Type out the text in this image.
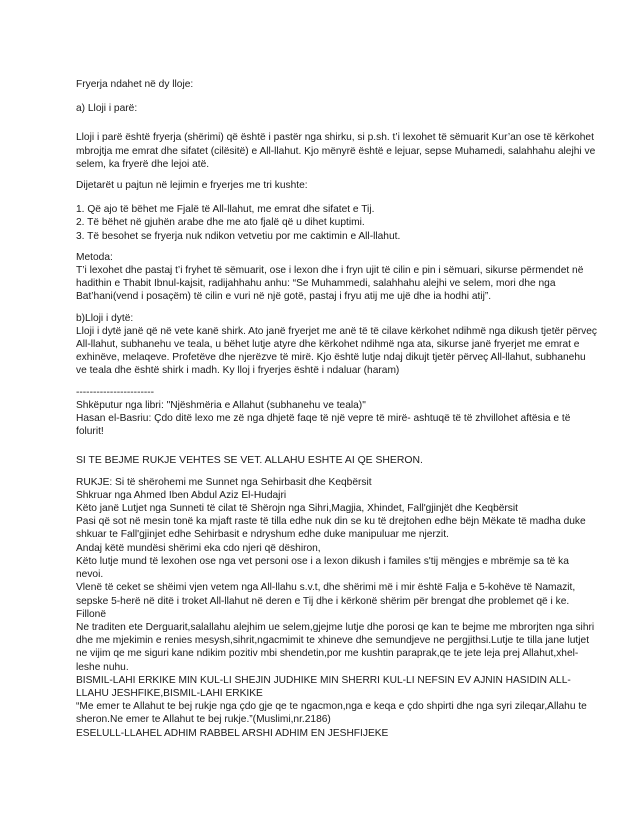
Fryerja ndahet në dy lloje:

a) Lloji i parë:

Lloji i parë është fryerja (shërimi) që është i pastër nga shirku, si p.sh. t’i lexohet të sëmuarit Kur’an ose të kërkohet mbrojtja me emrat dhe sifatet (cilësitë) e All-llahut. Kjo mënyrë është e lejuar, sepse Muhamedi, salahhahu alejhi ve selem, ka fryerë dhe lejoi atë.

Dijetarët u pajtun në lejimin e fryerjes me tri kushte:

1. Që ajo të bëhet me Fjalë të All-llahut, me emrat dhe sifatet e Tij.
2. Të bëhet në gjuhën arabe dhe me ato fjalë që u dihet kuptimi.
3. Të besohet se fryerja nuk ndikon vetvetiu por me caktimin e All-llahut.

Metoda:

T’i lexohet dhe pastaj t’i fryhet të sëmuarit, ose i lexon dhe i fryn ujit të cilin e pin i sëmuari, sikurse përmendet në hadithin e Thabit Ibnul-kajsit, radijahhahu anhu: “Se Muhammedi, salahhahu alejhi ve selem, mori dhe nga Bat’hani(vend i posaçëm) të cilin e vuri në një gotë, pastaj i fryu atij me ujë dhe ia hodhi atij”.

b)Lloji i dytë:

Lloji i dytë janë që në vete kanë shirk. Ato janë fryerjet me anë të të cilave kërkohet ndihmë nga dikush tjetër përveç All-llahut, subhanehu ve teala, u bëhet lutje atyre dhe kërkohet ndihmë nga ata, sikurse janë fryerjet me emrat e exhinëve, melaqeve. Profetëve dhe njerëzve të mirë. Kjo është lutje ndaj dikujt tjetër përveç All-llahut, subhanehu ve teala dhe është shirk i madh. Ky lloj i fryerjes është i ndaluar (haram)

-----------------------

Shkëputur nga libri: "Njëshmëria e Allahut (subhanehu ve teala)"

Hasan el-Basriu: Çdo ditë lexo me zë nga dhjetë faqe të një vepre të mirë- ashtuqë të të zhvillohet aftësia e të folurit!

SI TE BEJME RUKJE VEHTES SE VET. ALLAHU ESHTE AI QE SHERON.

RUKJE: Si të shërohemi me Sunnet nga Sehirbasit dhe Keqbërsit
Shkruar nga Ahmed Iben Abdul Aziz El-Hudajri
Këto janë Lutjet nga Sunneti të cilat të Shërojn nga Sihri,Magjia, Xhindet, Fall'gjinjët dhe Keqbërsit
Pasi që sot në mesin tonë ka mjaft raste të tilla edhe nuk din se ku të drejtohen edhe bëjn Mëkate të madha duke shkuar te Fall'gjinjet edhe Sehirbasit e ndryshum edhe duke manipuluar me njerzit.
Andaj këtë mundësi shërimi eka cdo njeri që dëshiron,
Këto lutje mund të lexohen ose nga vet personi ose i a lexon dikush i familes s'tij mëngjes e mbrëmje sa të ka nevoi.
Vlenë të ceket se shëimi vjen vetem nga All-llahu s.v.t, dhe shërimi më i mir është Falja e 5-kohëve të Namazit, sepske 5-herë në ditë i troket All-llahut në deren e Tij dhe i kërkonë shërim për brengat dhe problemet që i ke.
Fillonë
Ne traditen ete Derguarit,salallahu alejhim ue selem,gjejme lutje dhe porosi qe kan te bejme me mbrorjten nga sihri dhe me mjekimin e renies mesysh,sihrit,ngacmimit te xhineve dhe semundjeve ne pergjithsi.Lutje te tilla jane lutjet ne vijim qe me siguri kane ndikim pozitiv mbi shendetin,por me kushtin paraprak,qe te jete leja prej Allahut,xhel-leshe nuhu.
BISMIL-LAHI ERKIKE MIN KUL-LI SHEJIN JUDHIKE MIN SHERRI KUL-LI NEFSIN EV AJNIN HASIDIN ALL-LLAHU JESHFIKE,BISMIL-LAHI ERKIKE
“Me emer te Allahut te bej rukje nga çdo gje qe te ngacmon,nga e keqa e çdo shpirti dhe nga syri zileqar,Allahu te sheron.Ne emer te Allahut te bej rukje.”(Muslimi,nr.2186)
ESELULL-LLAHEL ADHIM RABBEL ARSHI ADHIM EN JESHFIJEKE
